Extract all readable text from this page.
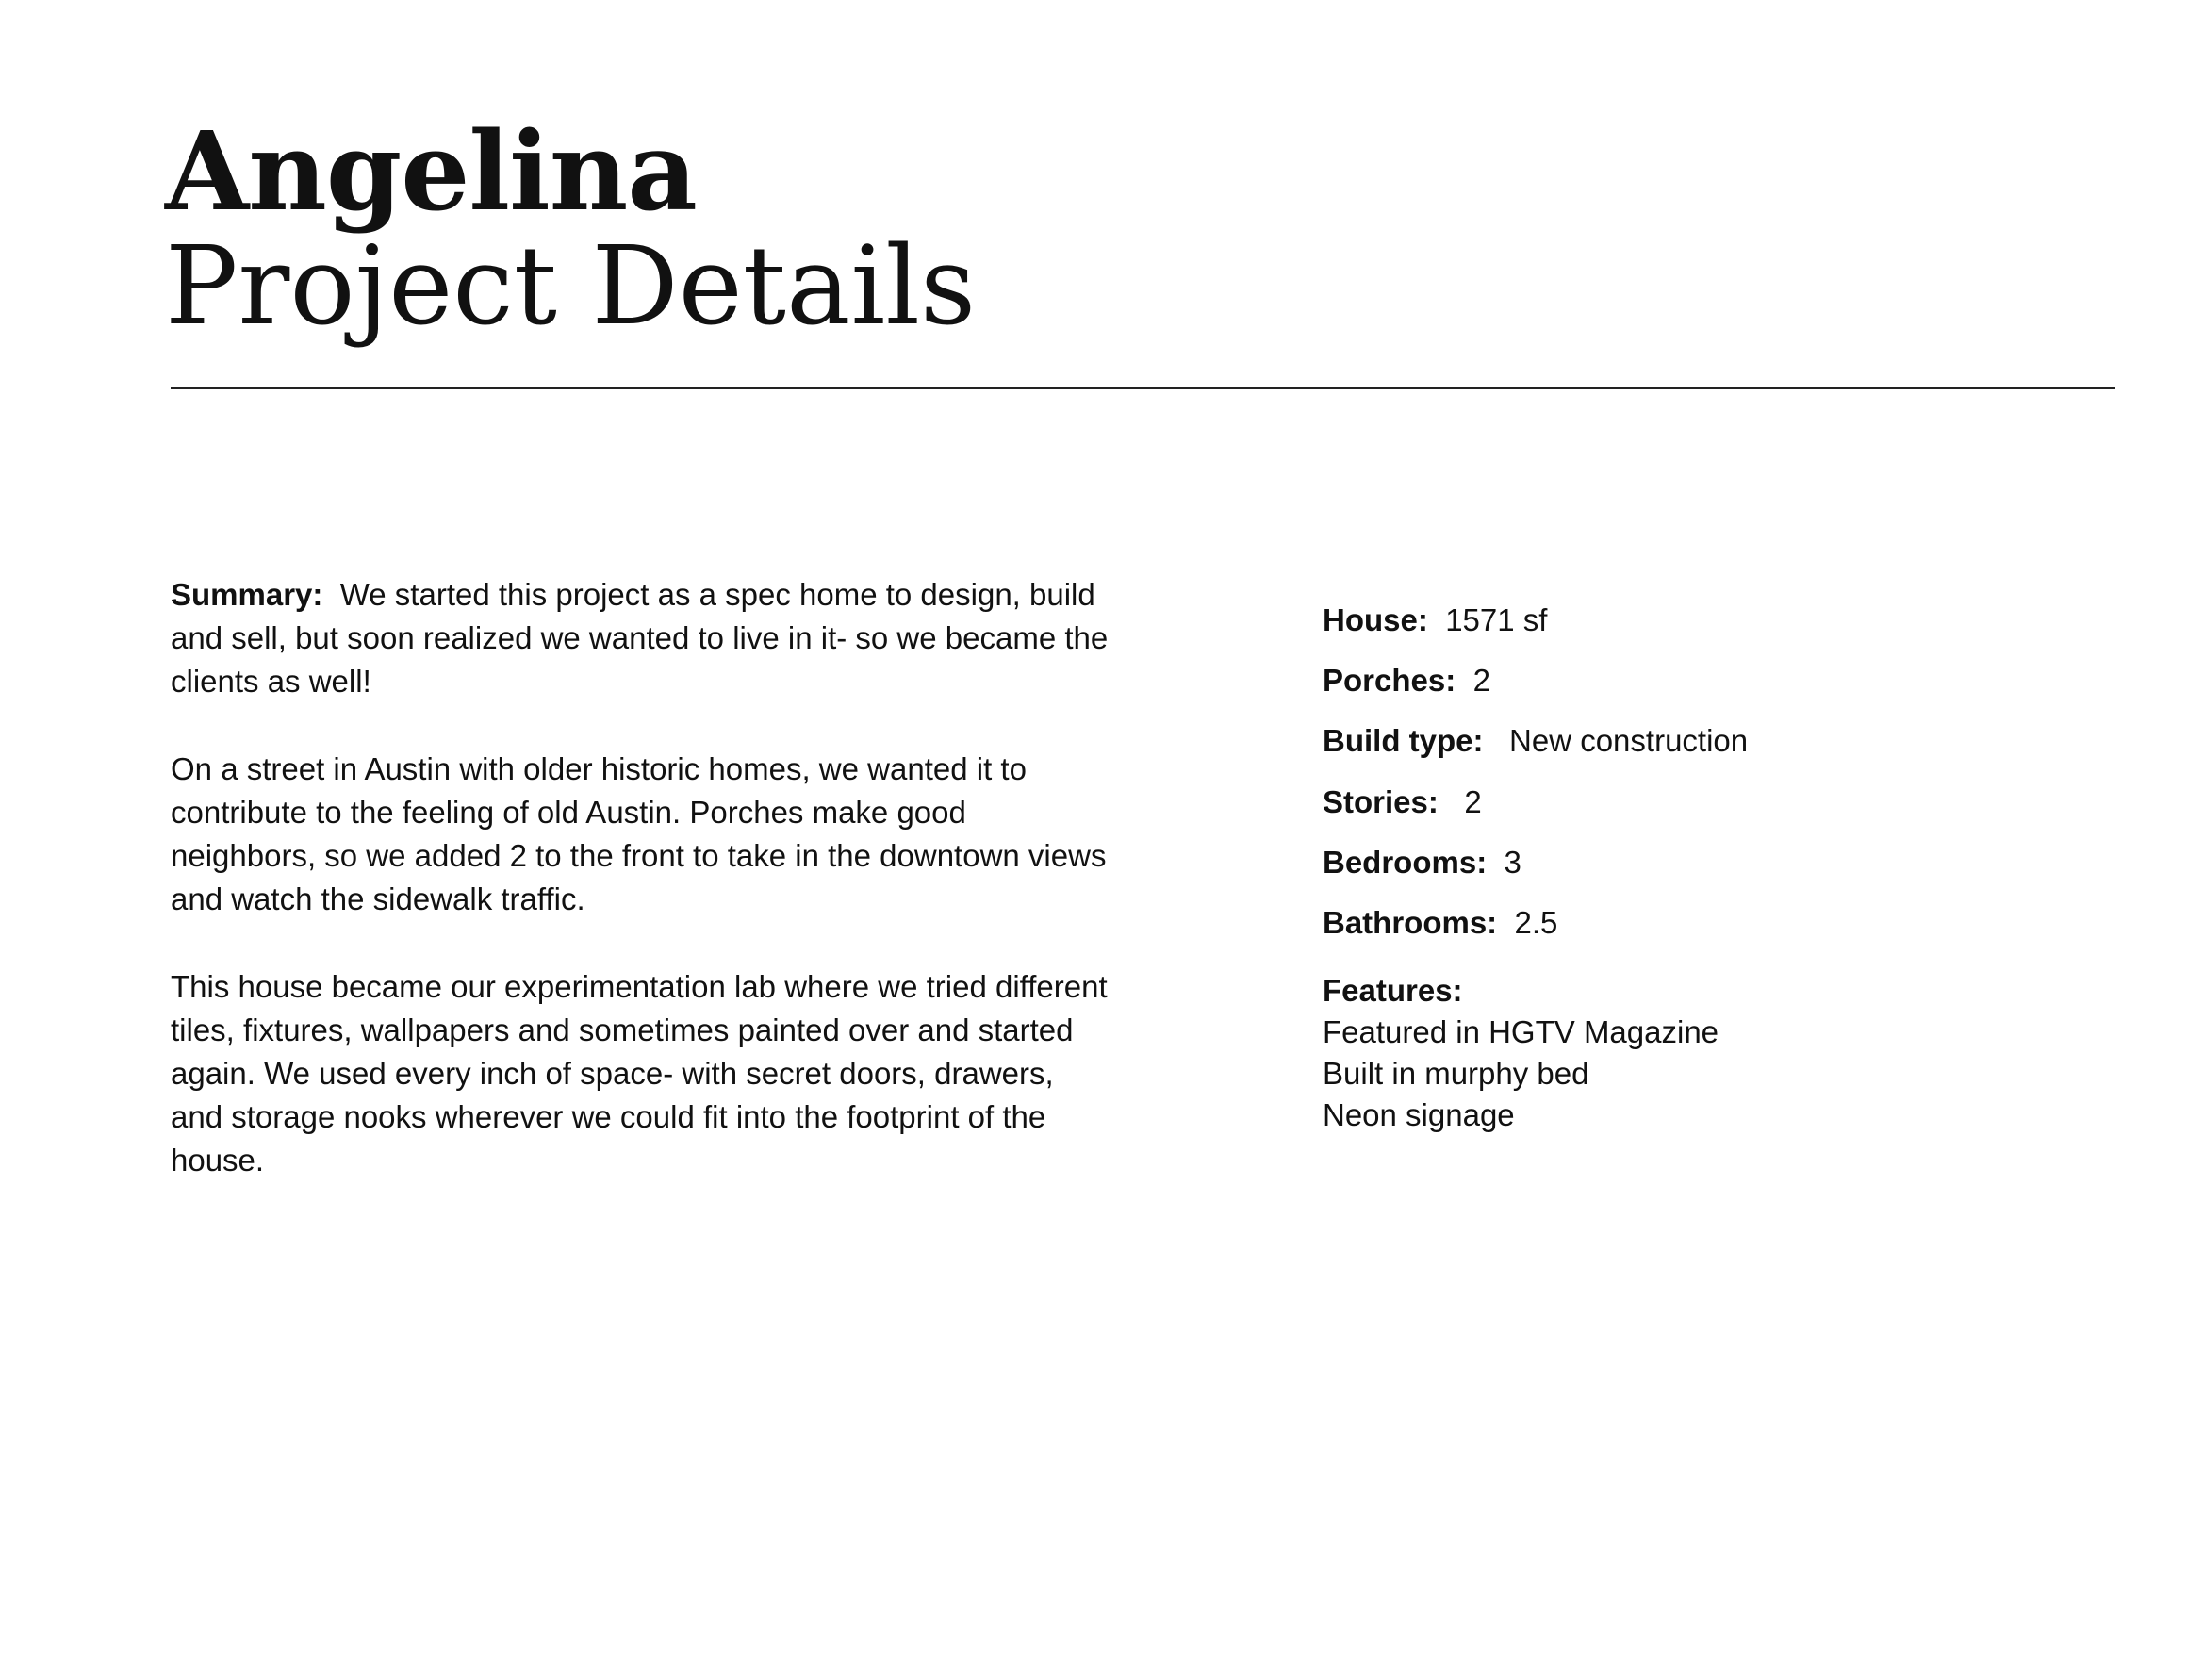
Angelina
Project Details

Summary: We started this project as a spec home to design, build and sell, but soon realized we wanted to live in it- so we became the clients as well!

On a street in Austin with older historic homes, we wanted it to contribute to the feeling of old Austin. Porches make good neighbors, so we added 2 to the front to take in the downtown views and watch the sidewalk traffic.

This house became our experimentation lab where we tried different tiles, fixtures, wallpapers and sometimes painted over and started again. We used every inch of space- with secret doors, drawers, and storage nooks wherever we could fit into the footprint of the house.

House: 1571 sf
Porches: 2
Build type: New construction
Stories: 2
Bedrooms: 3
Bathrooms: 2.5
Features:
Featured in HGTV Magazine
Built in murphy bed
Neon signage
